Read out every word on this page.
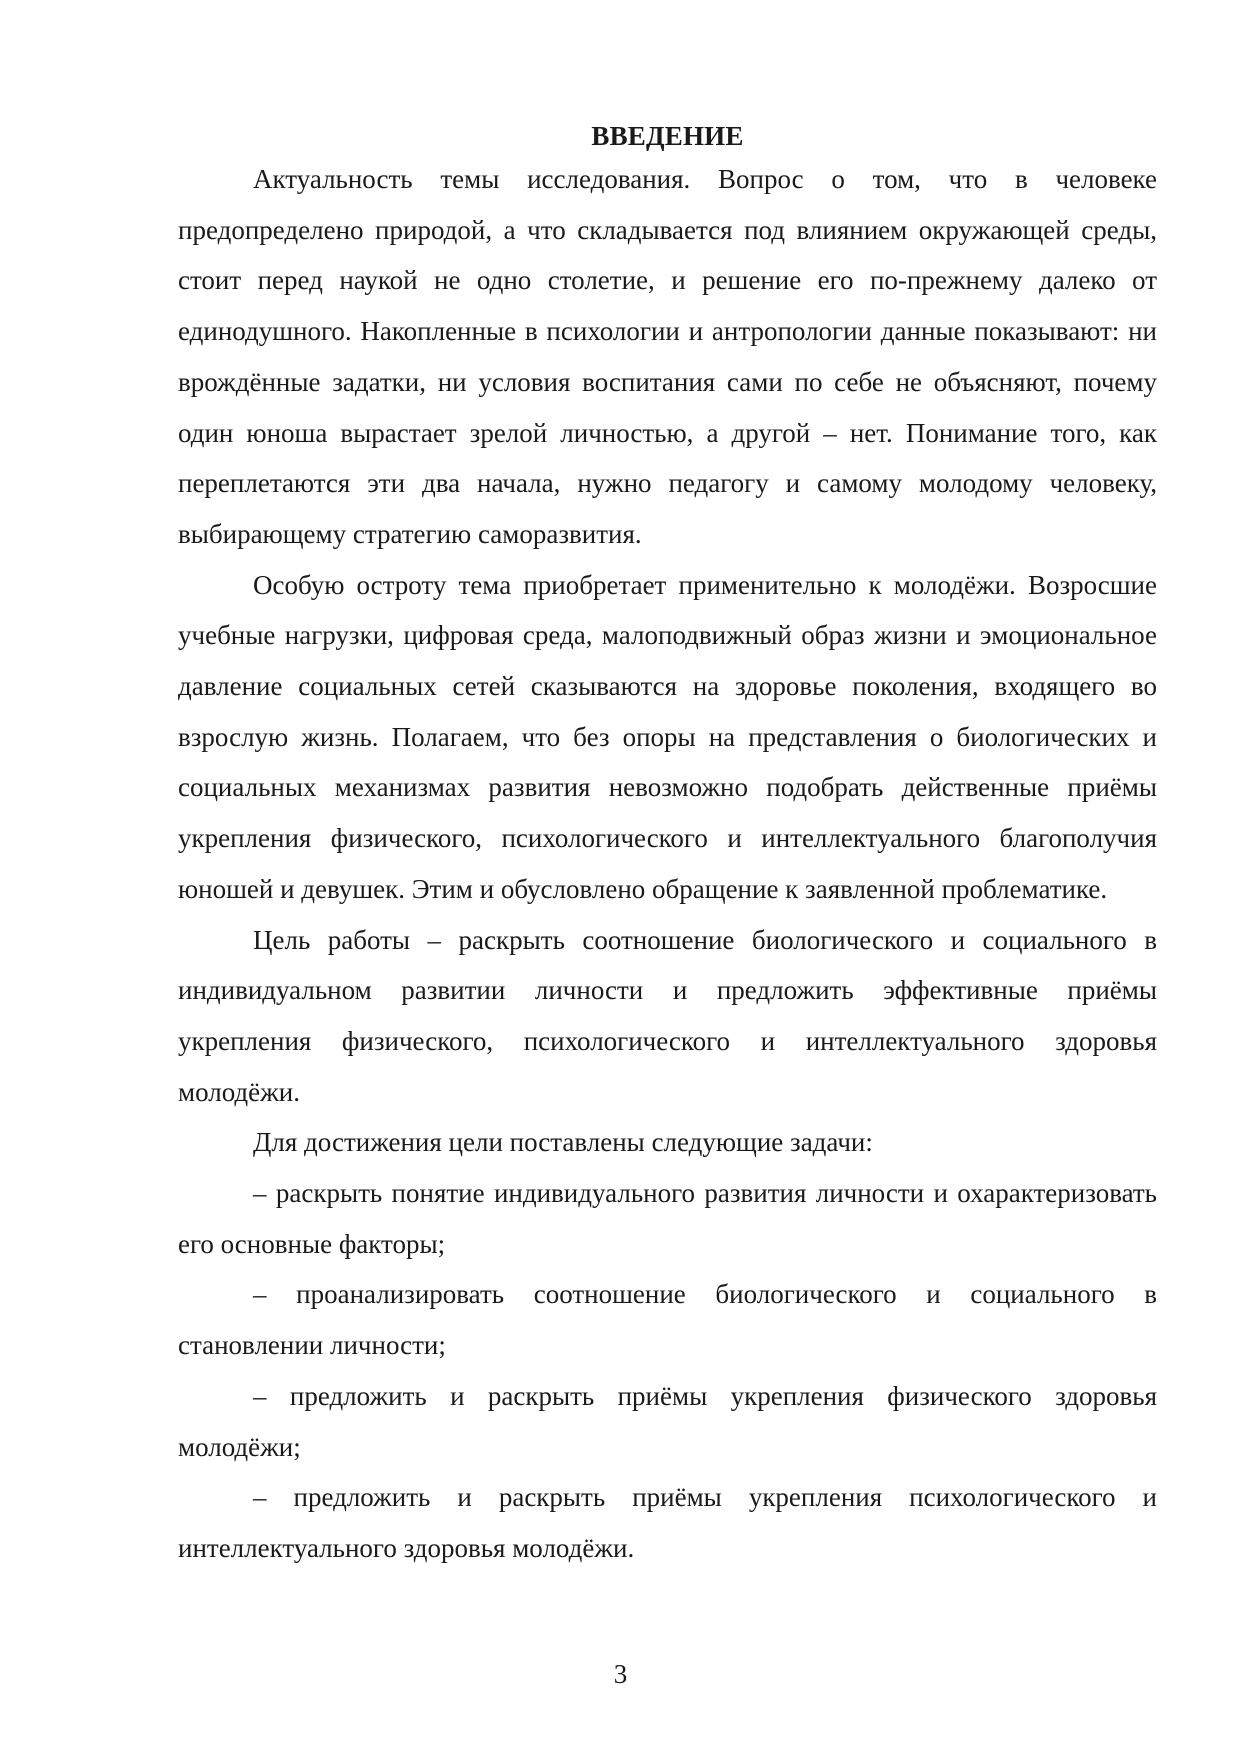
ВВЕДЕНИЕ

Актуальность темы исследования. Вопрос о том, что в человеке предопределено природой, а что складывается под влиянием окружающей среды, стоит перед наукой не одно столетие, и решение его по-прежнему далеко от единодушного. Накопленные в психологии и антропологии данные показывают: ни врождённые задатки, ни условия воспитания сами по себе не объясняют, почему один юноша вырастает зрелой личностью, а другой – нет. Понимание того, как переплетаются эти два начала, нужно педагогу и самому молодому человеку, выбирающему стратегию саморазвития.

Особую остроту тема приобретает применительно к молодёжи. Возросшие учебные нагрузки, цифровая среда, малоподвижный образ жизни и эмоциональное давление социальных сетей сказываются на здоровье поколения, входящего во взрослую жизнь. Полагаем, что без опоры на представления о биологических и социальных механизмах развития невозможно подобрать действенные приёмы укрепления физического, психологического и интеллектуального благополучия юношей и девушек. Этим и обусловлено обращение к заявленной проблематике.

Цель работы – раскрыть соотношение биологического и социального в индивидуальном развитии личности и предложить эффективные приёмы укрепления физического, психологического и интеллектуального здоровья молодёжи.

Для достижения цели поставлены следующие задачи:

– раскрыть понятие индивидуального развития личности и охарактеризовать его основные факторы;

– проанализировать соотношение биологического и социального в становлении личности;

– предложить и раскрыть приёмы укрепления физического здоровья молодёжи;

– предложить и раскрыть приёмы укрепления психологического и интеллектуального здоровья молодёжи.

3
